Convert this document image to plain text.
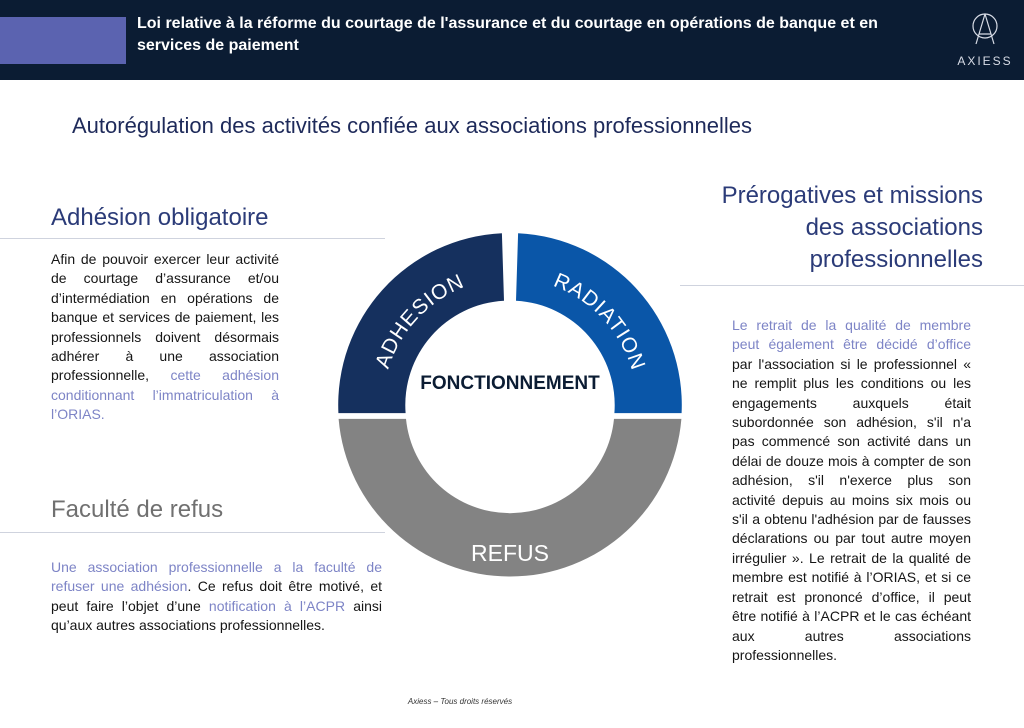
Loi relative à la réforme du courtage de l'assurance et du courtage en opérations de banque et en services de paiement
AXIESS
Autorégulation des activités confiée aux associations professionnelles
Adhésion obligatoire

Afin de pouvoir exercer leur activité de courtage d’assurance et/ou d’intermédiation en opérations de banque et services de paiement, les professionnels doivent désormais adhérer à une association professionnelle, cette adhésion conditionnant l’immatriculation à l’ORIAS.

Faculté de refus

Une association professionnelle a la faculté de refuser une adhésion. Ce refus doit être motivé, et peut faire l’objet d’une notification à l’ACPR ainsi qu’aux autres associations professionnelles.

Prérogatives et missions
des associations
professionnelles

Le retrait de la qualité de membre peut également être décidé d’office par l'association si le professionnel « ne remplit plus les conditions ou les engagements auxquels était subordonnée son adhésion, s'il n'a pas commencé son activité dans un délai de douze mois à compter de son adhésion, s'il n'exerce plus son activité depuis au moins six mois ou s'il a obtenu l'adhésion par de fausses déclarations ou par tout autre moyen irrégulier ». Le retrait de la qualité de membre est notifié à l’ORIAS, et si ce retrait est prononcé d’office, il peut être notifié à l’ACPR et le cas échéant aux autres associations professionnelles.

ADHESION	RADIATION
REFUS
FONCTIONNEMENT
Axiess – Tous droits réservés
